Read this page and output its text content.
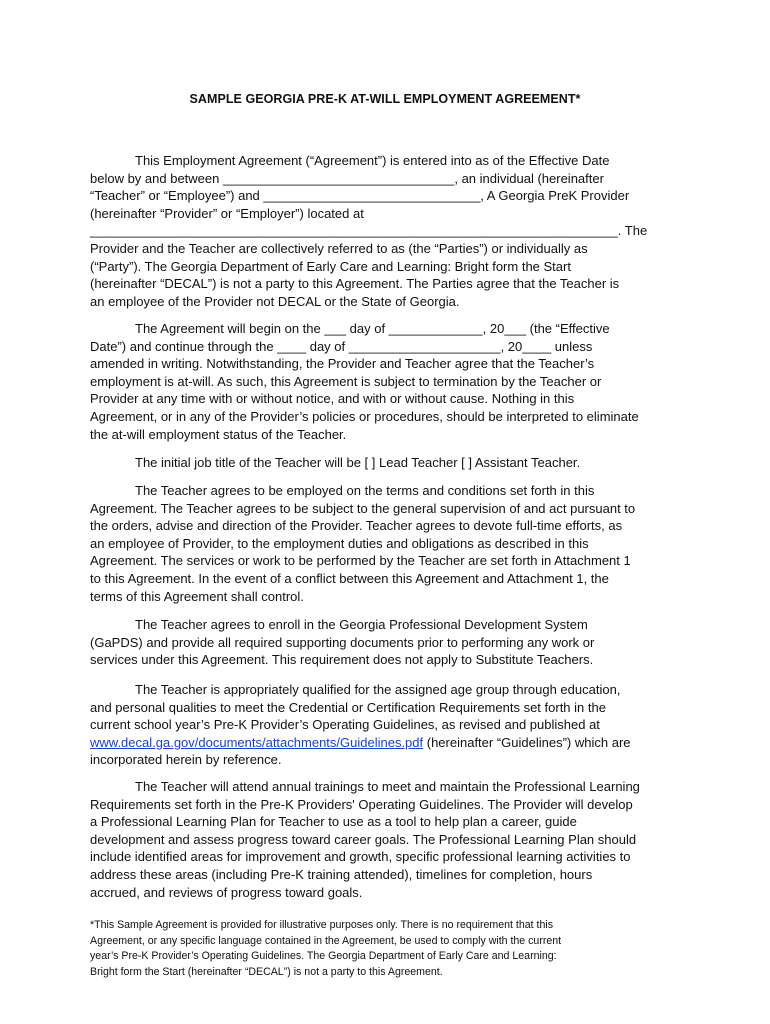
SAMPLE GEORGIA PRE-K AT-WILL EMPLOYMENT AGREEMENT*

This Employment Agreement (“Agreement”) is entered into as of the Effective Date
below by and between ________________________________, an individual (hereinafter
“Teacher” or “Employee”) and ______________________________, A Georgia PreK Provider
(hereinafter “Provider” or “Employer”) located at
_________________________________________________________________________. The
Provider and the Teacher are collectively referred to as (the “Parties”) or individually as
(“Party”). The Georgia Department of Early Care and Learning: Bright form the Start
(hereinafter “DECAL”) is not a party to this Agreement. The Parties agree that the Teacher is
an employee of the Provider not DECAL or the State of Georgia.

The Agreement will begin on the ___ day of _____________, 20___ (the “Effective
Date”) and continue through the ____ day of _____________________, 20____ unless
amended in writing. Notwithstanding, the Provider and Teacher agree that the Teacher’s
employment is at-will. As such, this Agreement is subject to termination by the Teacher or
Provider at any time with or without notice, and with or without cause. Nothing in this
Agreement, or in any of the Provider’s policies or procedures, should be interpreted to eliminate
the at-will employment status of the Teacher.

The initial job title of the Teacher will be [ ] Lead Teacher [ ] Assistant Teacher.

The Teacher agrees to be employed on the terms and conditions set forth in this
Agreement. The Teacher agrees to be subject to the general supervision of and act pursuant to
the orders, advise and direction of the Provider. Teacher agrees to devote full-time efforts, as
an employee of Provider, to the employment duties and obligations as described in this
Agreement. The services or work to be performed by the Teacher are set forth in Attachment 1
to this Agreement. In the event of a conflict between this Agreement and Attachment 1, the
terms of this Agreement shall control.

The Teacher agrees to enroll in the Georgia Professional Development System
(GaPDS) and provide all required supporting documents prior to performing any work or
services under this Agreement. This requirement does not apply to Substitute Teachers.

The Teacher is appropriately qualified for the assigned age group through education,
and personal qualities to meet the Credential or Certification Requirements set forth in the
current school year’s Pre-K Provider’s Operating Guidelines, as revised and published at
www.decal.ga.gov/documents/attachments/Guidelines.pdf (hereinafter “Guidelines”) which are
incorporated herein by reference.

The Teacher will attend annual trainings to meet and maintain the Professional Learning
Requirements set forth in the Pre-K Providers' Operating Guidelines. The Provider will develop
a Professional Learning Plan for Teacher to use as a tool to help plan a career, guide
development and assess progress toward career goals. The Professional Learning Plan should
include identified areas for improvement and growth, specific professional learning activities to
address these areas (including Pre-K training attended), timelines for completion, hours
accrued, and reviews of progress toward goals.

*This Sample Agreement is provided for illustrative purposes only. There is no requirement that this
Agreement, or any specific language contained in the Agreement, be used to comply with the current
year’s Pre-K Provider’s Operating Guidelines. The Georgia Department of Early Care and Learning:
Bright form the Start (hereinafter “DECAL”) is not a party to this Agreement.
